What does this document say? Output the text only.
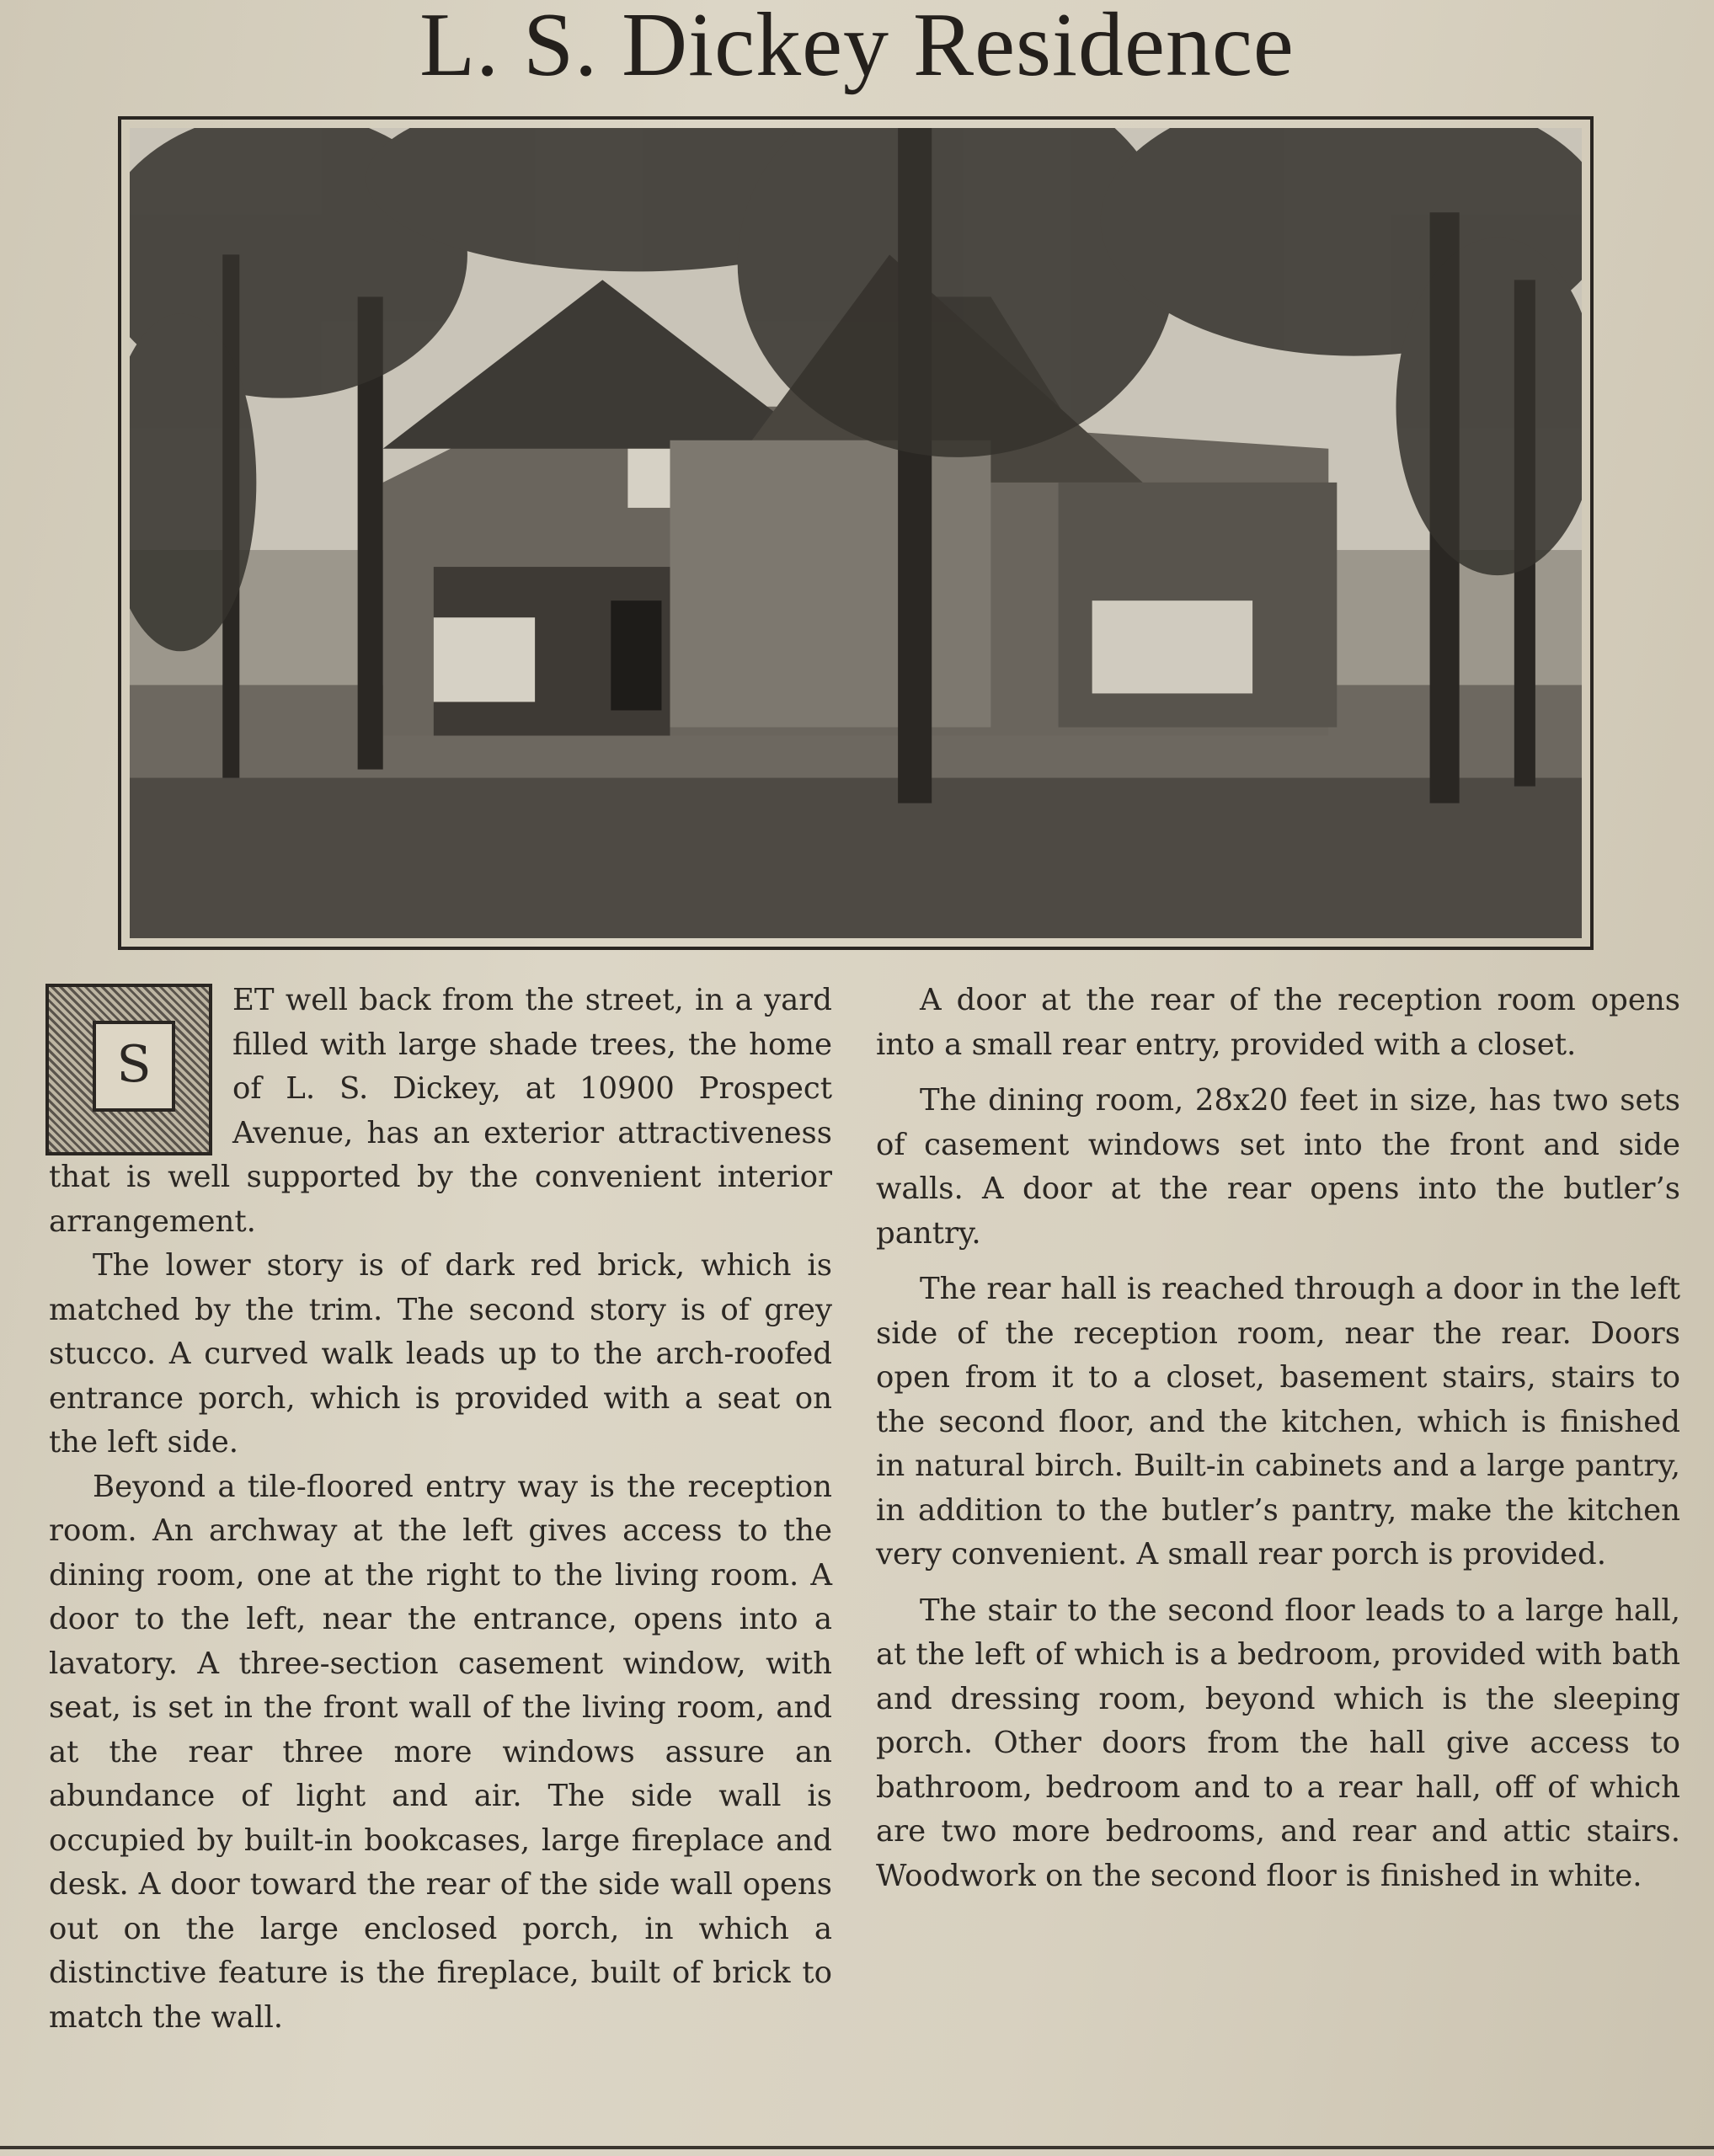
L. S. Dickey Residence
S

ET well back from the street, in a yard filled with large shade trees, the home of L. S. Dickey, at 10900 Prospect Avenue, has an exterior attractiveness that is well supported by the convenient interior arrangement.

The lower story is of dark red brick, which is matched by the trim. The second story is of grey stucco. A curved walk leads up to the arch-roofed entrance porch, which is provided with a seat on the left side.

Beyond a tile-floored entry way is the reception room. An archway at the left gives access to the dining room, one at the right to the living room. A door to the left, near the entrance, opens into a lavatory. A three-section casement window, with seat, is set in the front wall of the living room, and at the rear three more windows assure an abundance of light and air. The side wall is occupied by built-in bookcases, large fireplace and desk. A door toward the rear of the side wall opens out on the large enclosed porch, in which a distinctive feature is the fireplace, built of brick to match the wall.

A door at the rear of the reception room opens into a small rear entry, provided with a closet.

The dining room, 28x20 feet in size, has two sets of casement windows set into the front and side walls. A door at the rear opens into the butler’s pantry.

The rear hall is reached through a door in the left side of the reception room, near the rear. Doors open from it to a closet, basement stairs, stairs to the second floor, and the kitchen, which is finished in natural birch. Built-in cabinets and a large pantry, in addition to the butler’s pantry, make the kitchen very convenient. A small rear porch is provided.

The stair to the second floor leads to a large hall, at the left of which is a bedroom, provided with bath and dressing room, beyond which is the sleeping porch. Other doors from the hall give access to bathroom, bedroom and to a rear hall, off of which are two more bedrooms, and rear and attic stairs. Woodwork on the second floor is finished in white.
